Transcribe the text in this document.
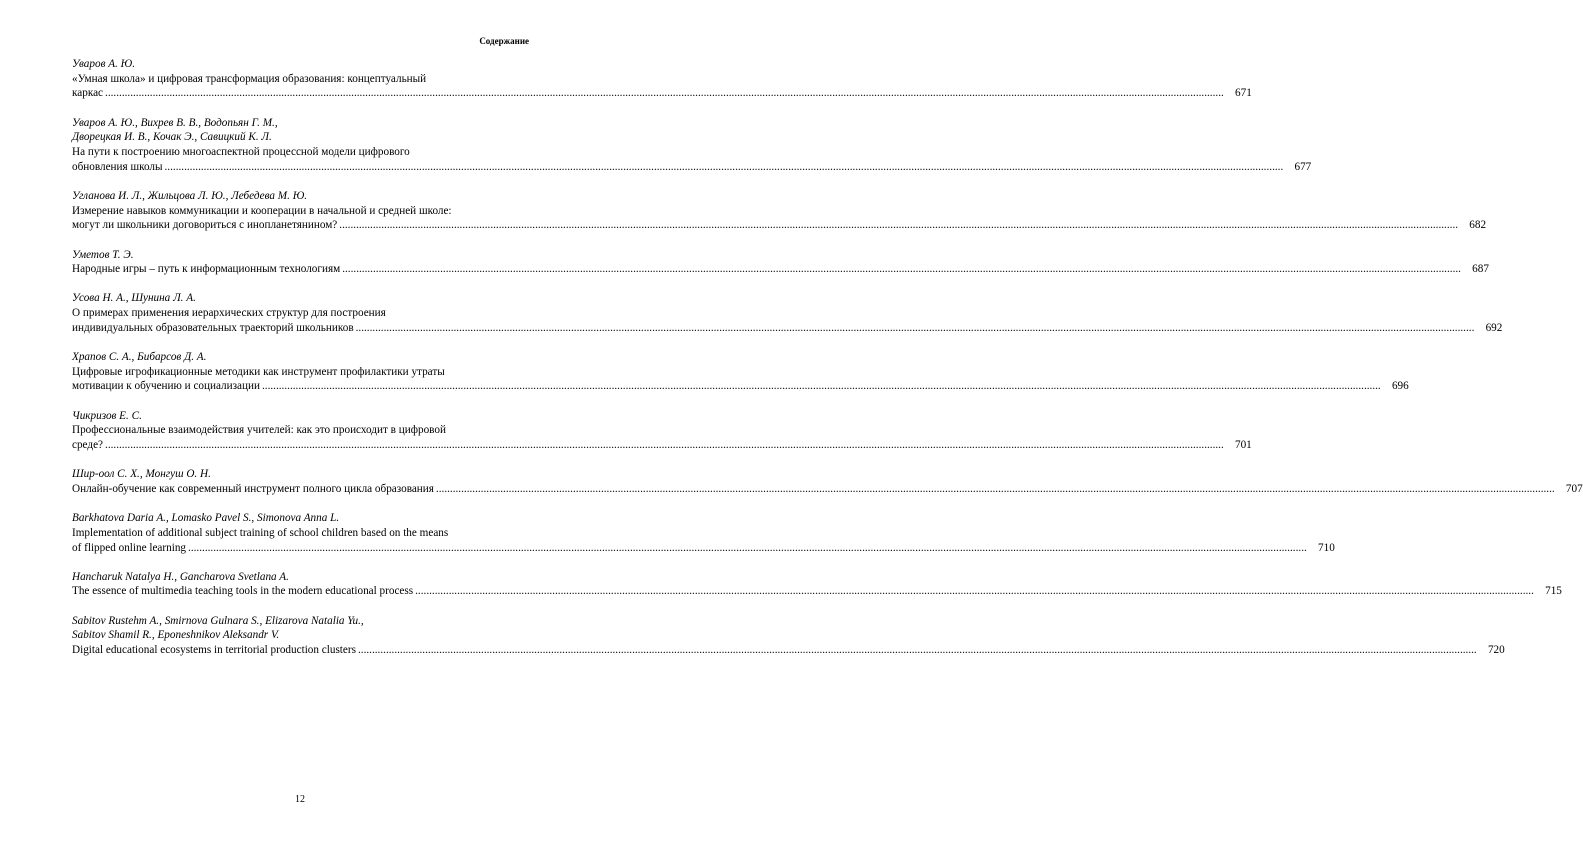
Содержание
Уваров А. Ю.
«Умная школа» и цифровая трансформация образования: концептуальный
каркас ................................................................................................................................................................................................................................................................................................................................................................................................................	671
Уваров А. Ю., Вихрев В. В., Водопьян Г. М.,
Дворецкая И. В., Кочак Э., Савицкий К. Л.
На пути к построению многоаспектной процессной модели цифрового
обновления школы ................................................................................................................................................................................................................................................................................................................................................................................................................	677
Угланова И. Л., Жильцова Л. Ю., Лебедева М. Ю.
Измерение навыков коммуникации и кооперации в начальной и средней школе:
могут ли школьники договориться с инопланетянином? ................................................................................................................................................................................................................................................................................................................................................................................................................	682
Уметов Т. Э.
Народные игры – путь к информационным технологиям ................................................................................................................................................................................................................................................................................................................................................................................................................	687
Усова Н. А., Шунина Л. А.
О примерах применения иерархических структур для построения
индивидуальных образовательных траекторий школьников ................................................................................................................................................................................................................................................................................................................................................................................................................	692
Храпов С. А., Бибарсов Д. А.
Цифровые игрофикационные методики как инструмент профилактики утраты
мотивации к обучению и социализации ................................................................................................................................................................................................................................................................................................................................................................................................................	696
Чикризов Е. С.
Профессиональные взаимодействия учителей: как это происходит в цифровой
среде? ................................................................................................................................................................................................................................................................................................................................................................................................................	701
Шир-оол С. Х., Монгуш О. Н.
Онлайн-обучение как современный инструмент полного цикла образования ................................................................................................................................................................................................................................................................................................................................................................................................................	707
Barkhatova Daria A., Lomasko Pavel S., Simonova Anna L.
Implementation of additional subject training of school children based on the means
of flipped online learning ................................................................................................................................................................................................................................................................................................................................................................................................................	710
Hancharuk Natalya H., Gancharova Svetlana A.
The essence of multimedia teaching tools in the modern educational process ................................................................................................................................................................................................................................................................................................................................................................................................................	715
Sabitov Rustehm A., Smirnova Gulnara S., Elizarova Natalia Yu.,
Sabitov Shamil R., Eponeshnikov Aleksandr V.
Digital educational ecosystems in territorial production clusters ................................................................................................................................................................................................................................................................................................................................................................................................................	720
12
